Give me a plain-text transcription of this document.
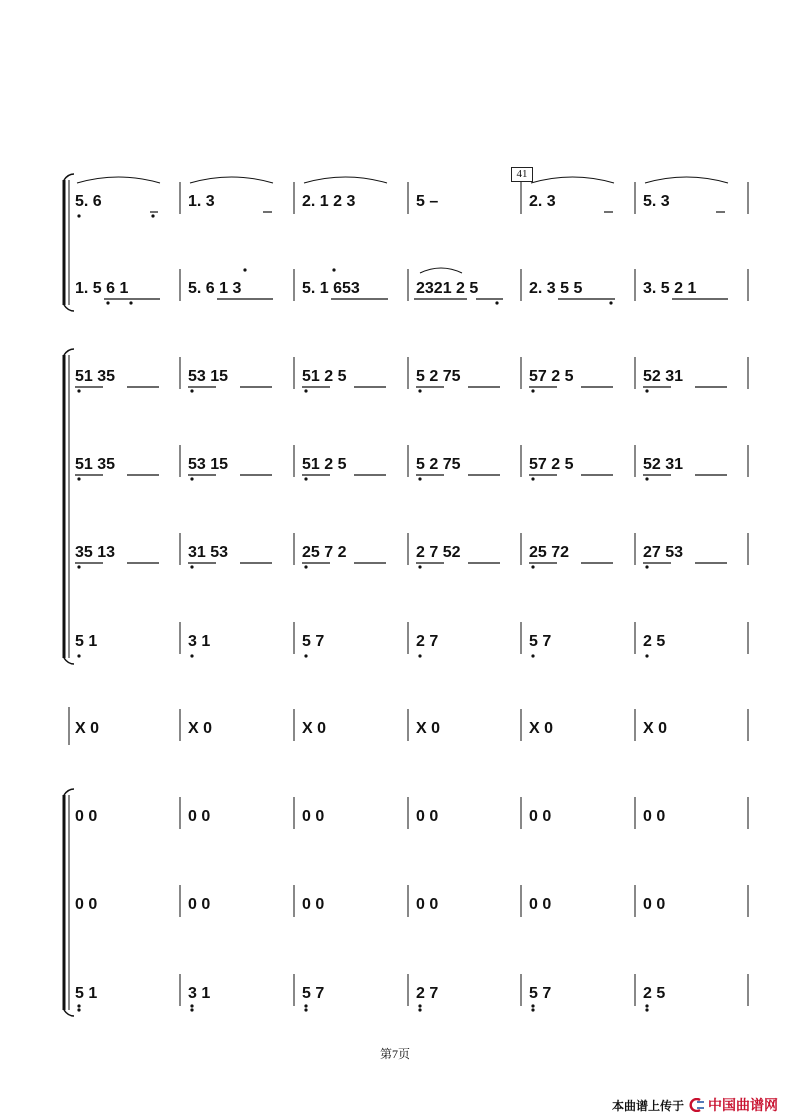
5. 6	1. 3	2. 1 2 3	5 –	2. 3	5. 3
1. 5 6 1	5. 6 1 3	5. 1 653	2321 2 5	2. 3 5 5	3. 5 2 1
51 35	53 15	51 2 5	5 2 75	57 2 5	52 31
51 35	53 15	51 2 5	5 2 75	57 2 5	52 31
35 13	31 53	25 7 2	2 7 52	25 72	27 53
5 1	3 1	5 7	2 7	5 7	2 5
X 0	X 0	X 0	X 0	X 0	X 0
0 0	0 0	0 0	0 0	0 0	0 0
0 0	0 0	0 0	0 0	0 0	0 0
5 1	3 1	5 7	2 7	5 7	2 5
41
第7页
本曲谱上传于 中国曲谱网
